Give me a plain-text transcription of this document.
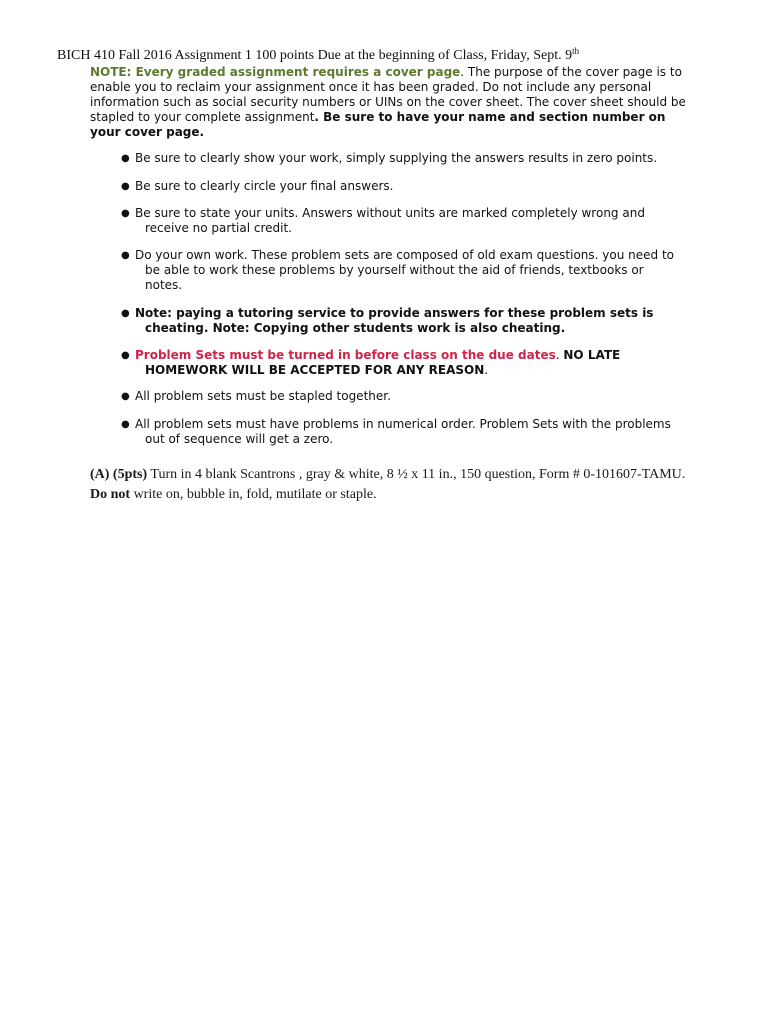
BICH 410 Fall 2016 Assignment 1 100 points Due at the beginning of Class, Friday, Sept. 9th
NOTE: Every graded assignment requires a cover page. The purpose of the cover page is to enable you to reclaim your assignment once it has been graded. Do not include any personal information such as social security numbers or UINs on the cover sheet. The cover sheet should be stapled to your complete assignment. Be sure to have your name and section number on your cover page.
● Be sure to clearly show your work, simply supplying the answers results in zero points.
● Be sure to clearly circle your final answers.
● Be sure to state your units. Answers without units are marked completely wrong and
receive no partial credit.
● Do your own work. These problem sets are composed of old exam questions. you need to
be able to work these problems by yourself without the aid of friends, textbooks or
notes.
● Note: paying a tutoring service to provide answers for these problem sets is
cheating. Note: Copying other students work is also cheating.
● Problem Sets must be turned in before class on the due dates. NO LATE
HOMEWORK WILL BE ACCEPTED FOR ANY REASON.
● All problem sets must be stapled together.
● All problem sets must have problems in numerical order. Problem Sets with the problems
out of sequence will get a zero.
(A) (5pts) Turn in 4 blank Scantrons , gray & white, 8 ½ x 11 in., 150 question, Form # 0-101607-TAMU. Do not write on, bubble in, fold, mutilate or staple.
